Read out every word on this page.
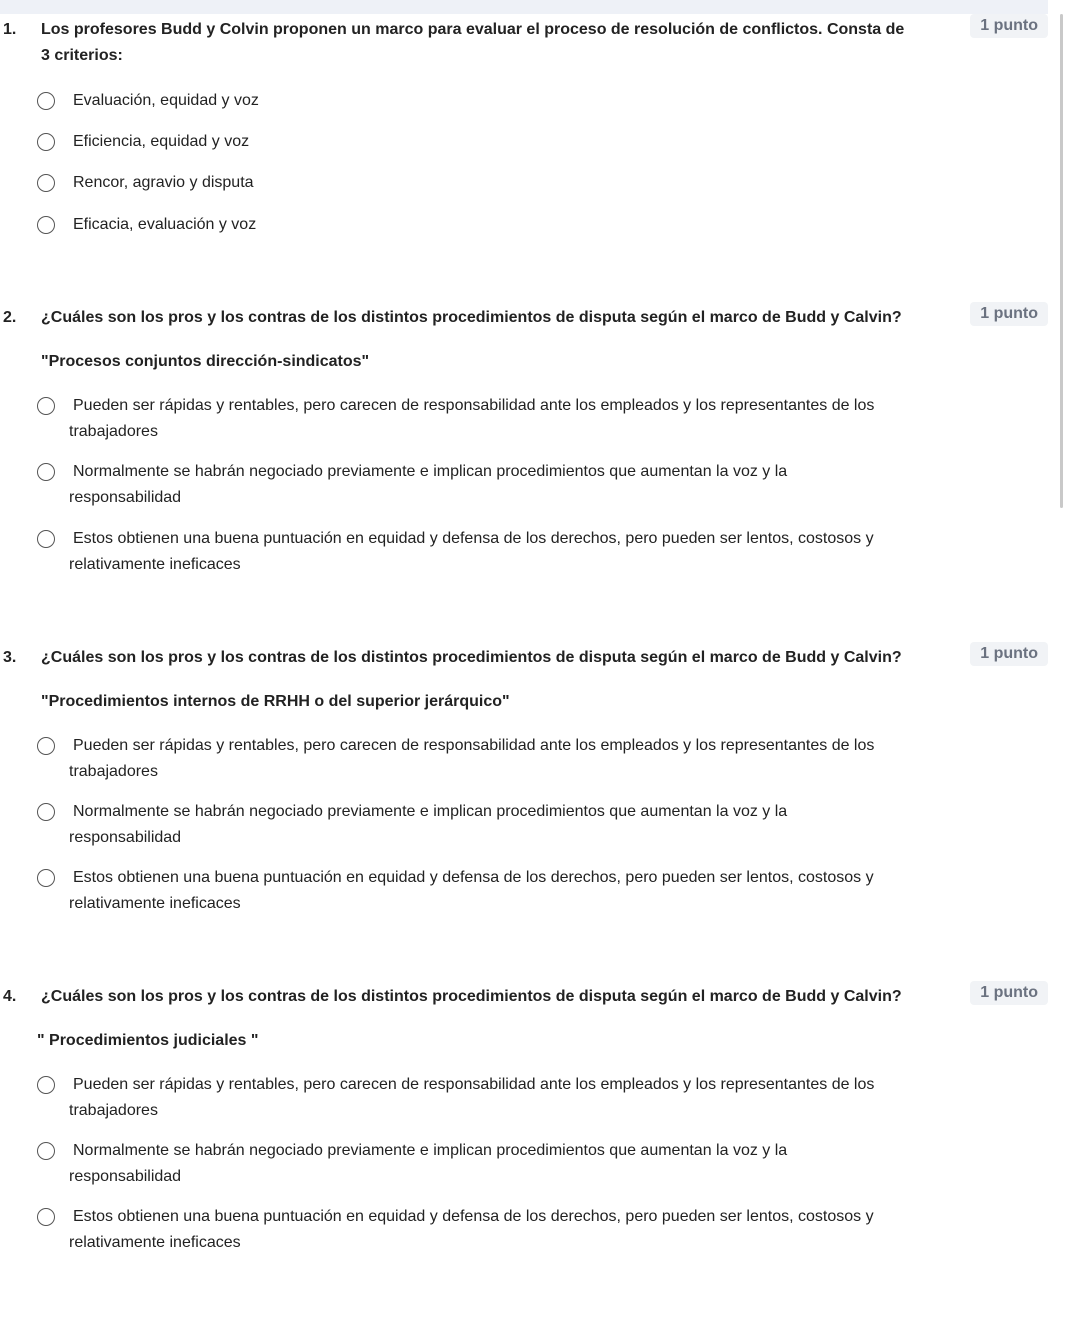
1. Los profesores Budd y Colvin proponen un marco para evaluar el proceso de resolución de conflictos. Consta de 3 criterios:
1 punto
Evaluación, equidad y voz
Eficiencia, equidad y voz
Rencor, agravio y disputa
Eficacia, evaluación y voz
2. ¿Cuáles son los pros y los contras de los distintos procedimientos de disputa según el marco de Budd y Calvin?	1 punto
"Procesos conjuntos dirección-sindicatos"
Pueden ser rápidas y rentables, pero carecen de responsabilidad ante los empleados y los representantes de los trabajadores
Normalmente se habrán negociado previamente e implican procedimientos que aumentan la voz y la responsabilidad
Estos obtienen una buena puntuación en equidad y defensa de los derechos, pero pueden ser lentos, costosos y relativamente ineficaces
3. ¿Cuáles son los pros y los contras de los distintos procedimientos de disputa según el marco de Budd y Calvin?	1 punto
"Procedimientos internos de RRHH o del superior jerárquico"
Pueden ser rápidas y rentables, pero carecen de responsabilidad ante los empleados y los representantes de los trabajadores
Normalmente se habrán negociado previamente e implican procedimientos que aumentan la voz y la responsabilidad
Estos obtienen una buena puntuación en equidad y defensa de los derechos, pero pueden ser lentos, costosos y relativamente ineficaces
4. ¿Cuáles son los pros y los contras de los distintos procedimientos de disputa según el marco de Budd y Calvin?	1 punto
" Procedimientos judiciales "
Pueden ser rápidas y rentables, pero carecen de responsabilidad ante los empleados y los representantes de los trabajadores
Normalmente se habrán negociado previamente e implican procedimientos que aumentan la voz y la responsabilidad
Estos obtienen una buena puntuación en equidad y defensa de los derechos, pero pueden ser lentos, costosos y relativamente ineficaces
